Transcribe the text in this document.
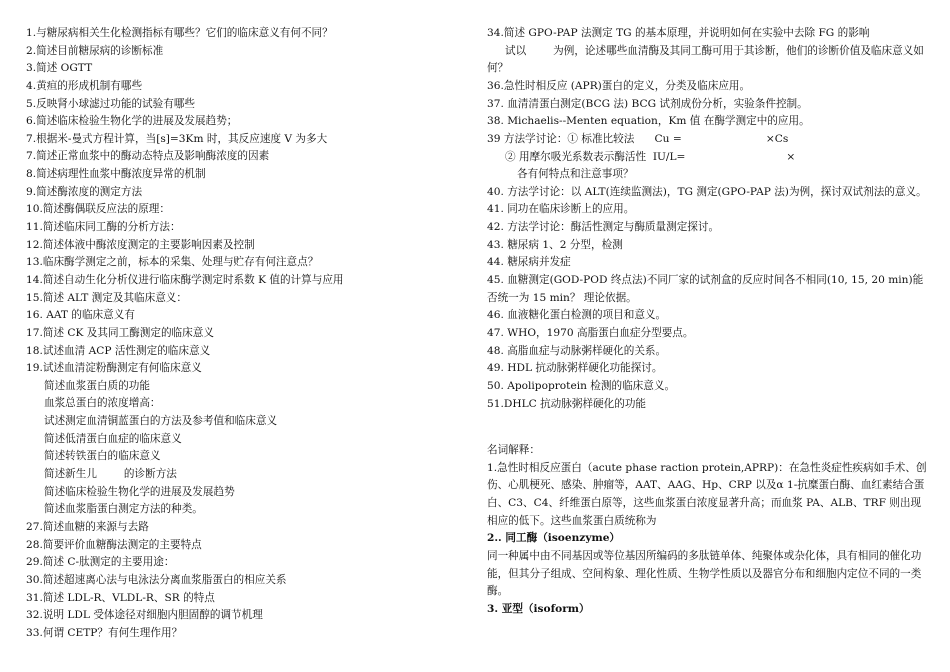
1.与糖尿病相关生化检测指标有哪些？它们的临床意义有何不同？
2.简述目前糖尿病的诊断标准
3.简述 OGTT
4.黄疸的形成机制有哪些
5.反映肾小球滤过功能的试验有哪些
6.简述临床检验生物化学的进展及发展趋势；
7.根据米-曼式方程计算，当[s]=3Km 时，其反应速度 V 为多大
7.简述正常血浆中的酶动态特点及影响酶浓度的因素
8.简述病理性血浆中酶浓度异常的机制
9.简述酶浓度的测定方法
10.简述酶偶联反应法的原理：
11.简述临床同工酶的分析方法：
12.简述体液中酶浓度测定的主要影响因素及控制
13.临床酶学测定之前，标本的采集、处理与贮存有何注意点？
14.简述自动生化分析仪进行临床酶学测定时系数 K 值的计算与应用
15.简述 ALT 测定及其临床意义：
16. AAT 的临床意义有
17.简述 CK 及其同工酶测定的临床意义
18.试述血清 ACP 活性测定的临床意义
19.试述血清淀粉酶测定有何临床意义
简述血浆蛋白质的功能
血浆总蛋白的浓度增高：
试述测定血清铜蓝蛋白的方法及参考值和临床意义
简述低清蛋白血症的临床意义
简述转铁蛋白的临床意义
简述新生儿        的诊断方法
简述临床检验生物化学的进展及发展趋势
简述血浆脂蛋白测定方法的种类。
27.简述血糖的来源与去路
28.简要评价血糖酶法测定的主要特点
29.简述 C-肽测定的主要用途：
30.简述超速离心法与电泳法分离血浆脂蛋白的相应关系
31.简述 LDL-R、VLDL-R、SR 的特点
32.说明 LDL 受体途径对细胞内胆固醇的调节机理
33.何谓 CETP？有何生理作用？
34.简述 GPO-PAP 法测定 TG 的基本原理，并说明如何在实验中去除 FG 的影响
试以        为例，论述哪些血清酶及其同工酶可用于其诊断，他们的诊断价值及临床意义如何？
36.急性时相反应 (APR)蛋白的定义，分类及临床应用。
37. 血清清蛋白测定(BCG 法) BCG 试剂成份分析，实验条件控制。
38. Michaelis--Menten equation，Km 值 在酶学测定中的应用。
39 方法学讨论：① 标准比较法      Cu =                         ×Cs
② 用摩尔吸光系数表示酶活性  IU/L=                              ×
各有何特点和注意事项？
40. 方法学讨论：以 ALT(连续监测法)，TG 测定(GPO-PAP 法)为例，探讨双试剂法的意义。
41. 同功在临床诊断上的应用。
42. 方法学讨论：酶活性测定与酶质量测定探讨。
43. 糖尿病 1、2 分型，检测
44. 糖尿病并发症
45. 血糖测定(GOD-POD 终点法)不同厂家的试剂盒的反应时间各不相同(10, 15, 20 min)能否统一为 15 min？ 理论依据。
46. 血液糖化蛋白检测的项目和意义。
47. WHO，1970 高脂蛋白血症分型要点。
48. 高脂血症与动脉粥样硬化的关系。
49. HDL 抗动脉粥样硬化功能探讨。
50. Apolipoprotein 检测的临床意义。
51.DHLC 抗动脉粥样硬化的功能
名词解释：
1.急性时相反应蛋白（acute phase raction protein,APRP)：在急性炎症性疾病如手术、创伤、心肌梗死、感染、肿瘤等，AAT、AAG、Hp、CRP 以及α 1-抗糜蛋白酶、血红素结合蛋白、C3、C4、纤维蛋白原等，这些血浆蛋白浓度显著升高；而血浆 PA、ALB、TRF 则出现相应的低下。这些血浆蛋白质统称为
2.. 同工酶（isoenzyme）
同一种属中由不同基因或等位基因所编码的多肽链单体、纯聚体或杂化体，具有相同的催化功能，但其分子组成、空间构象、理化性质、生物学性质以及器官分布和细胞内定位不同的一类酶。
3. 亚型（isoform）
